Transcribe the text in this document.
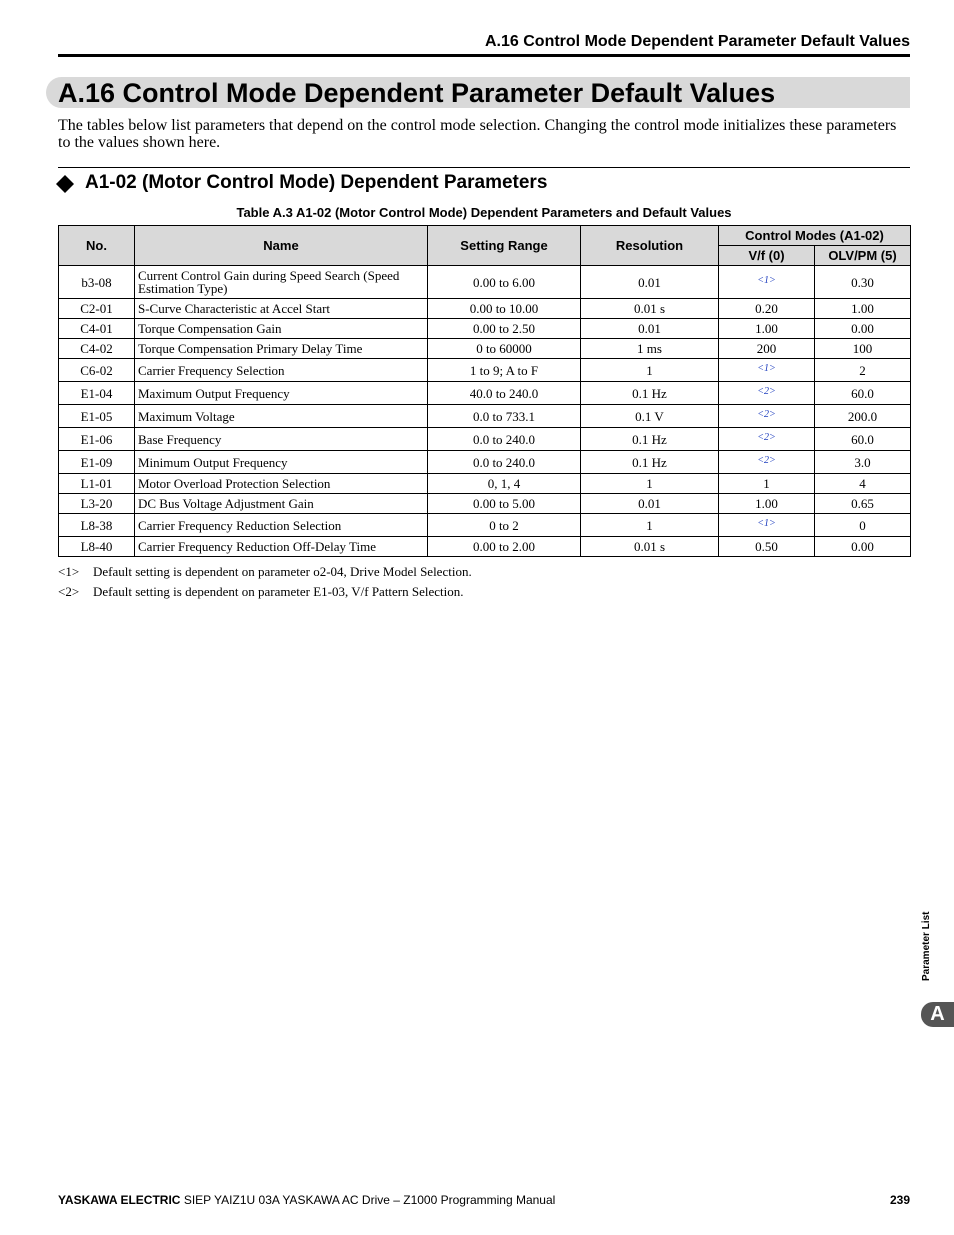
A.16 Control Mode Dependent Parameter Default Values
A.16 Control Mode Dependent Parameter Default Values
The tables below list parameters that depend on the control mode selection. Changing the control mode initializes these parameters to the values shown here.
A1-02 (Motor Control Mode) Dependent Parameters
Table A.3 A1-02 (Motor Control Mode) Dependent Parameters and Default Values
No.	Name	Setting Range	Resolution	Control Modes (A1-02)	
				V/f (0)	OLV/PM (5)
b3-08	Current Control Gain during Speed Search (Speed Estimation Type)	0.00 to 6.00	0.01	$^{<1>}$	0.30
C2-01	S-Curve Characteristic at Accel Start	0.00 to 10.00	0.01 s	0.20	1.00
C4-01	Torque Compensation Gain	0.00 to 2.50	0.01	1.00	0.00
C4-02	Torque Compensation Primary Delay Time	0 to 60000	1 ms	200	100
C6-02	Carrier Frequency Selection	1 to 9; A to F	1	$^{<1>}$	2
E1-04	Maximum Output Frequency	40.0 to 240.0	0.1 Hz	$^{<2>}$	60.0
E1-05	Maximum Voltage	0.0 to 733.1	0.1 V	$^{<2>}$	200.0
E1-06	Base Frequency	0.0 to 240.0	0.1 Hz	$^{<2>}$	60.0
E1-09	Minimum Output Frequency	0.0 to 240.0	0.1 Hz	$^{<2>}$	3.0
L1-01	Motor Overload Protection Selection	0, 1, 4	1	1	4
L3-20	DC Bus Voltage Adjustment Gain	0.00 to 5.00	0.01	1.00	0.65
L8-38	Carrier Frequency Reduction Selection	0 to 2	1	$^{<1>}$	0
L8-40	Carrier Frequency Reduction Off-Delay Time	0.00 to 2.00	0.01 s	0.50	0.00
<1> Default setting is dependent on parameter o2-04, Drive Model Selection.
<2> Default setting is dependent on parameter E1-03, V/f Pattern Selection.
Parameter List
A
YASKAWA ELECTRIC SIEP YAIZ1U 03A YASKAWA AC Drive – Z1000 Programming Manual	239
